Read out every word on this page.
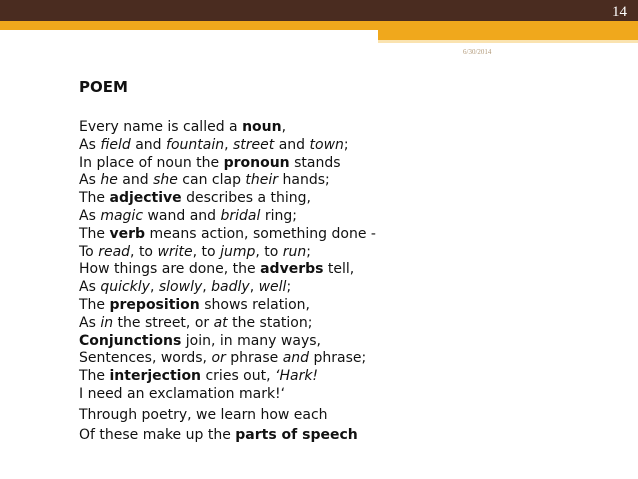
14
6/30/2014
POEM
Every name is called a noun,
As field and fountain, street and town;
In place of noun the pronoun stands
As he and she can clap their hands;
The adjective describes a thing,
As magic wand and bridal ring;
The verb means action, something done -
To read, to write, to jump, to run;
How things are done, the adverbs tell,
As quickly, slowly, badly, well;
The preposition shows relation,
As in the street, or at the station;
Conjunctions join, in many ways,
Sentences, words, or phrase and phrase;
The interjection cries out, ‘Hark!
I need an exclamation mark!‘
Through poetry, we learn how each
Of these make up the parts of speech
